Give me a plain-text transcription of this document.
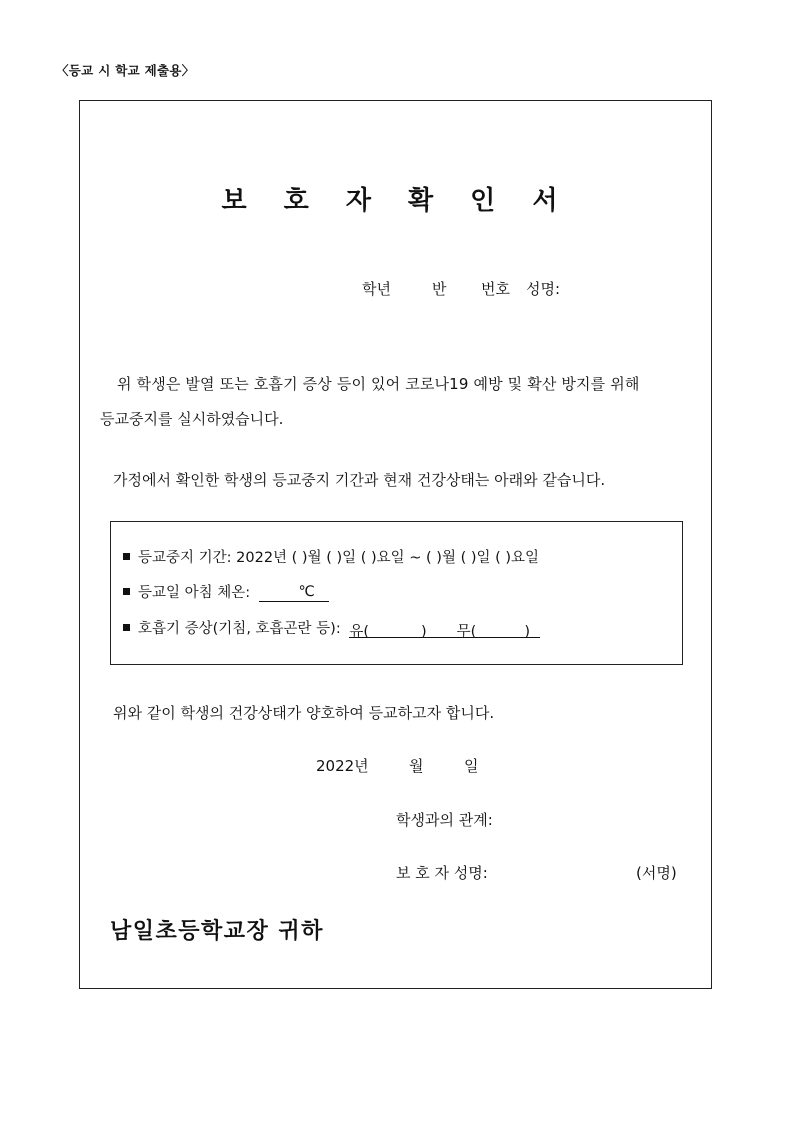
〈등교 시 학교 제출용〉
보 호 자 확 인 서
학년	반 번호 성명:
위 학생은 발열 또는 호흡기 증상 등이 있어 코로나19 예방 및 확산 방지를 위해
등교중지를 실시하였습니다.
가정에서 확인한 학생의 등교중지 기간과 현재 건강상태는 아래와 같습니다.
등교중지 기간: 2022년 ( )월 ( )일 ( )요일 ~ ( )월 ( )일 ( )요일
등교일 아침 체온:	℃
호흡기 증상(기침, 호흡곤란 등): 유(	) 무(	)
위와 같이 학생의 건강상태가 양호하여 등교하고자 합니다.
2022년	월	일
학생과의 관계:
보 호 자 성명:	(서명)
남일초등학교장 귀하
